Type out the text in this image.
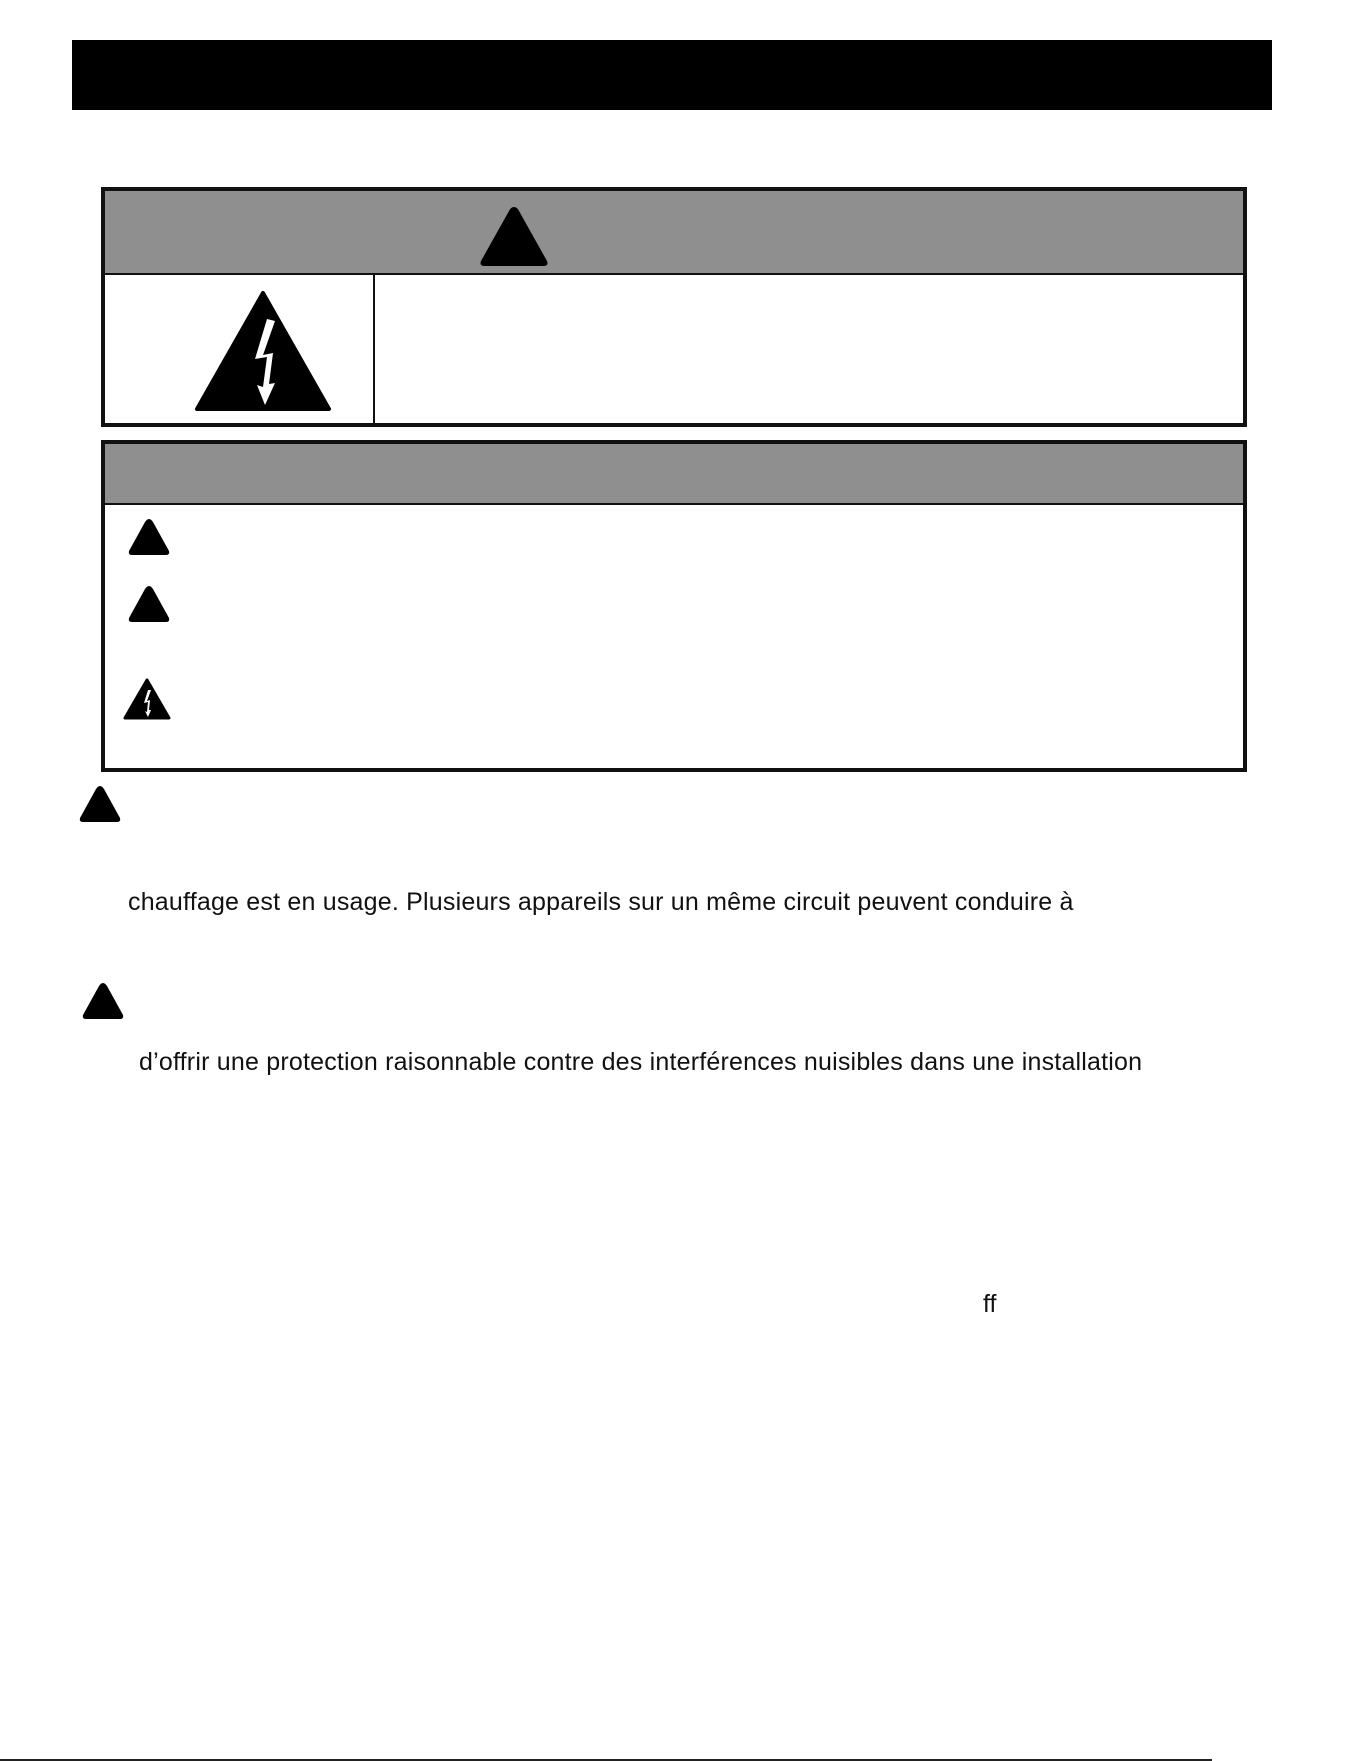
chauffage est en usage. Plusieurs appareils sur un même circuit peuvent conduire à
d’offrir une protection raisonnable contre des interférences nuisibles dans une installation
ff
